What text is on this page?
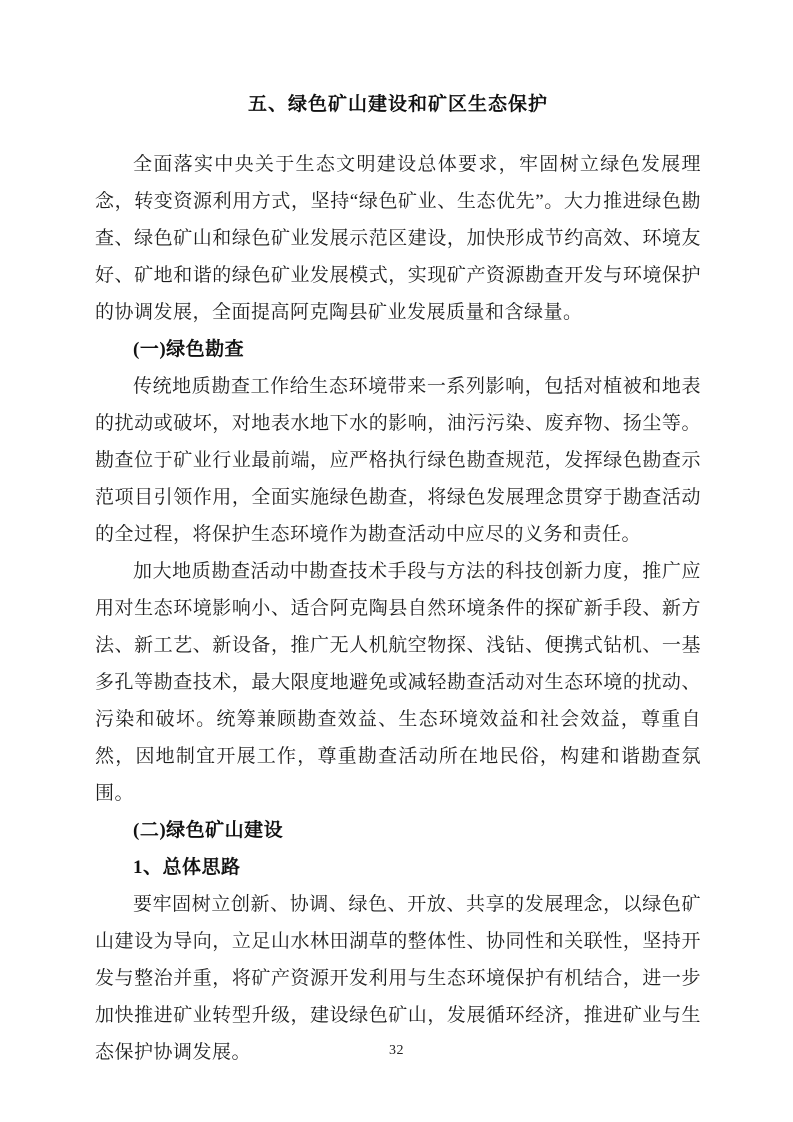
五、绿色矿山建设和矿区生态保护

全面落实中央关于生态文明建设总体要求，牢固树立绿色发展理念，转变资源利用方式，坚持“绿色矿业、生态优先”。大力推进绿色勘查、绿色矿山和绿色矿业发展示范区建设，加快形成节约高效、环境友好、矿地和谐的绿色矿业发展模式，实现矿产资源勘查开发与环境保护的协调发展，全面提高阿克陶县矿业发展质量和含绿量。

(一)绿色勘查

传统地质勘查工作给生态环境带来一系列影响，包括对植被和地表的扰动或破坏，对地表水地下水的影响，油污污染、废弃物、扬尘等。勘查位于矿业行业最前端，应严格执行绿色勘查规范，发挥绿色勘查示范项目引领作用，全面实施绿色勘查，将绿色发展理念贯穿于勘查活动的全过程，将保护生态环境作为勘查活动中应尽的义务和责任。

加大地质勘查活动中勘查技术手段与方法的科技创新力度，推广应用对生态环境影响小、适合阿克陶县自然环境条件的探矿新手段、新方法、新工艺、新设备，推广无人机航空物探、浅钻、便携式钻机、一基多孔等勘查技术，最大限度地避免或减轻勘查活动对生态环境的扰动、污染和破坏。统筹兼顾勘查效益、生态环境效益和社会效益，尊重自然，因地制宜开展工作，尊重勘查活动所在地民俗，构建和谐勘查氛围。

(二)绿色矿山建设
1、总体思路

要牢固树立创新、协调、绿色、开放、共享的发展理念，以绿色矿山建设为导向，立足山水林田湖草的整体性、协同性和关联性，坚持开发与整治并重，将矿产资源开发利用与生态环境保护有机结合，进一步加快推进矿业转型升级，建设绿色矿山，发展循环经济，推进矿业与生态保护协调发展。	32
